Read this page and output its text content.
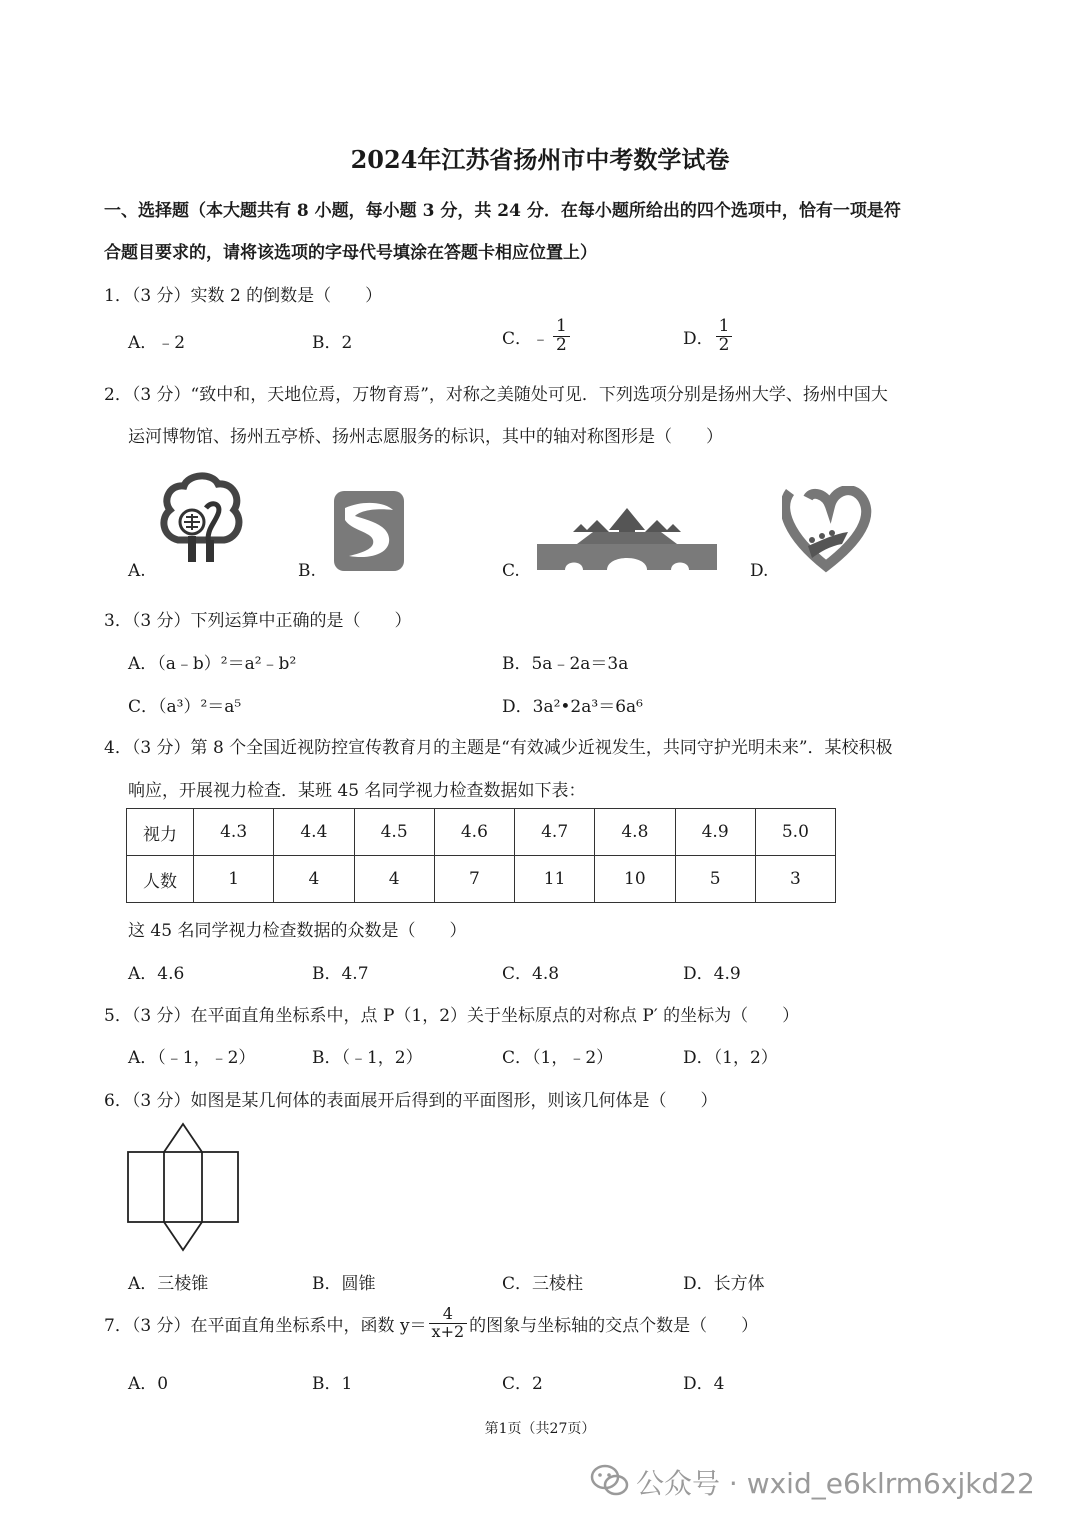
2024年江苏省扬州市中考数学试卷
一、选择题（本大题共有 8 小题，每小题 3 分，共 24 分．在每小题所给出的四个选项中，恰有一项是符
合题目要求的，请将该选项的字母代号填涂在答题卡相应位置上）
1．（3 分）实数 2 的倒数是（　　）
A．﹣2	B．2	C．﹣ $\frac{1}{2}$	D． $\frac{1}{2}$
2．（3 分）“致中和，天地位焉，万物育焉”，对称之美随处可见．下列选项分别是扬州大学、扬州中国大
运河博物馆、扬州五亭桥、扬州志愿服务的标识，其中的轴对称图形是（　　）
A.	B.	C.	D.
3．（3 分）下列运算中正确的是（　　）
A．（a﹣b）²＝a²﹣b²	B．5a﹣2a＝3a
C．（a³）²＝a⁵	D．3a²•2a³＝6a⁶
4．（3 分）第 8 个全国近视防控宣传教育月的主题是“有效减少近视发生，共同守护光明未来”．某校积极
响应，开展视力检查．某班 45 名同学视力检查数据如下表：
视力	4.3	4.4	4.5	4.6	4.7	4.8	4.9	5.0
人数	1	4	4	7	11	10	5	3
这 45 名同学视力检查数据的众数是（　　）
A．4.6	B．4.7	C．4.8	D．4.9
5．（3 分）在平面直角坐标系中，点 P（1，2）关于坐标原点的对称点 P′ 的坐标为（　　）
A．（﹣1，﹣2）	B．（﹣1，2）	C．（1，﹣2）	D．（1，2）
6．（3 分）如图是某几何体的表面展开后得到的平面图形，则该几何体是（　　）
A．三棱锥	B．圆锥	C．三棱柱	D．长方体
7．（3 分）在平面直角坐标系中，函数 $y= \frac{4}{x+2}$ 的图象与坐标轴的交点个数是（　　）
A．0	B．1	C．2	D．4
第1页（共27页）
公众号 · wxid_e6klrm6xjkd22
